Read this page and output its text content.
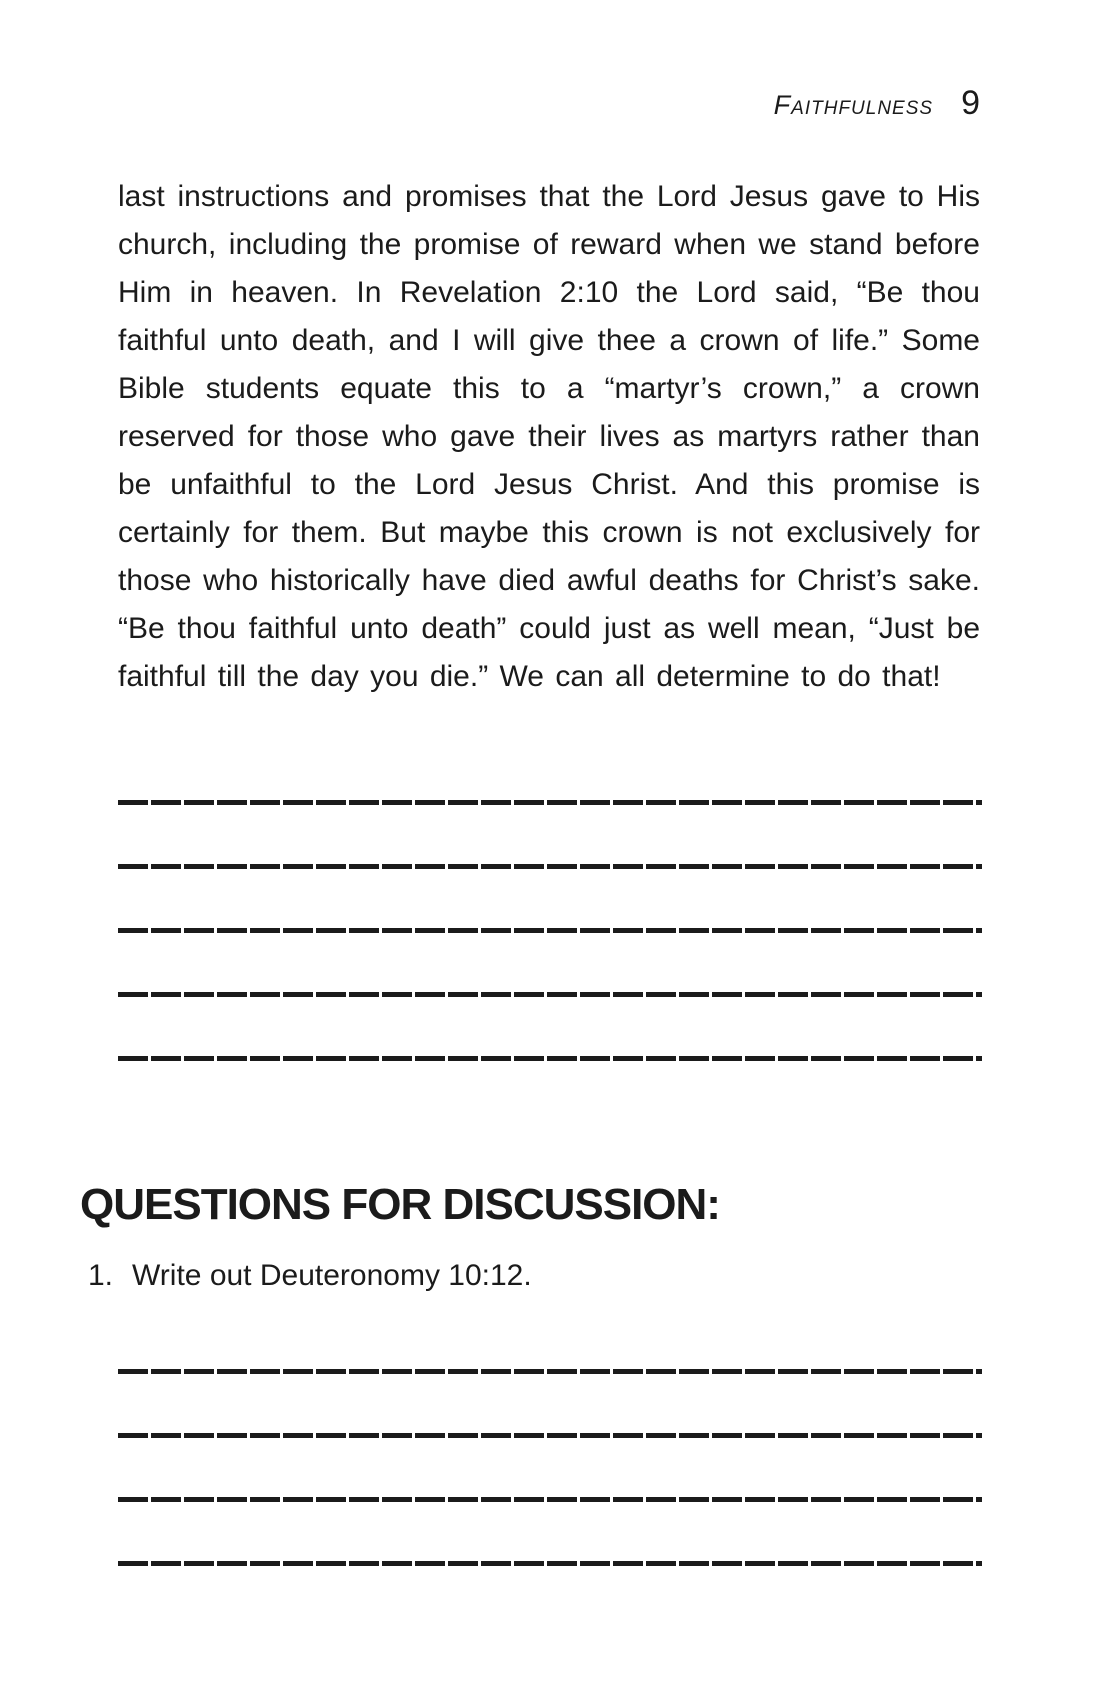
Faithfulness 9

last instructions and promises that the Lord Jesus gave to His church, including the promise of reward when we stand before Him in heaven. In Revelation 2:10 the Lord said, “Be thou faithful unto death, and I will give thee a crown of life.” Some Bible students equate this to a “martyr’s crown,” a crown reserved for those who gave their lives as martyrs rather than be unfaithful to the Lord Jesus Christ. And this promise is certainly for them. But maybe this crown is not exclusively for those who historically have died awful deaths for Christ’s sake. “Be thou faithful unto death” could just as well mean, “Just be faithful till the day you die.” We can all determine to do that!

QUESTIONS FOR DISCUSSION:
1. Write out Deuteronomy 10:12.
